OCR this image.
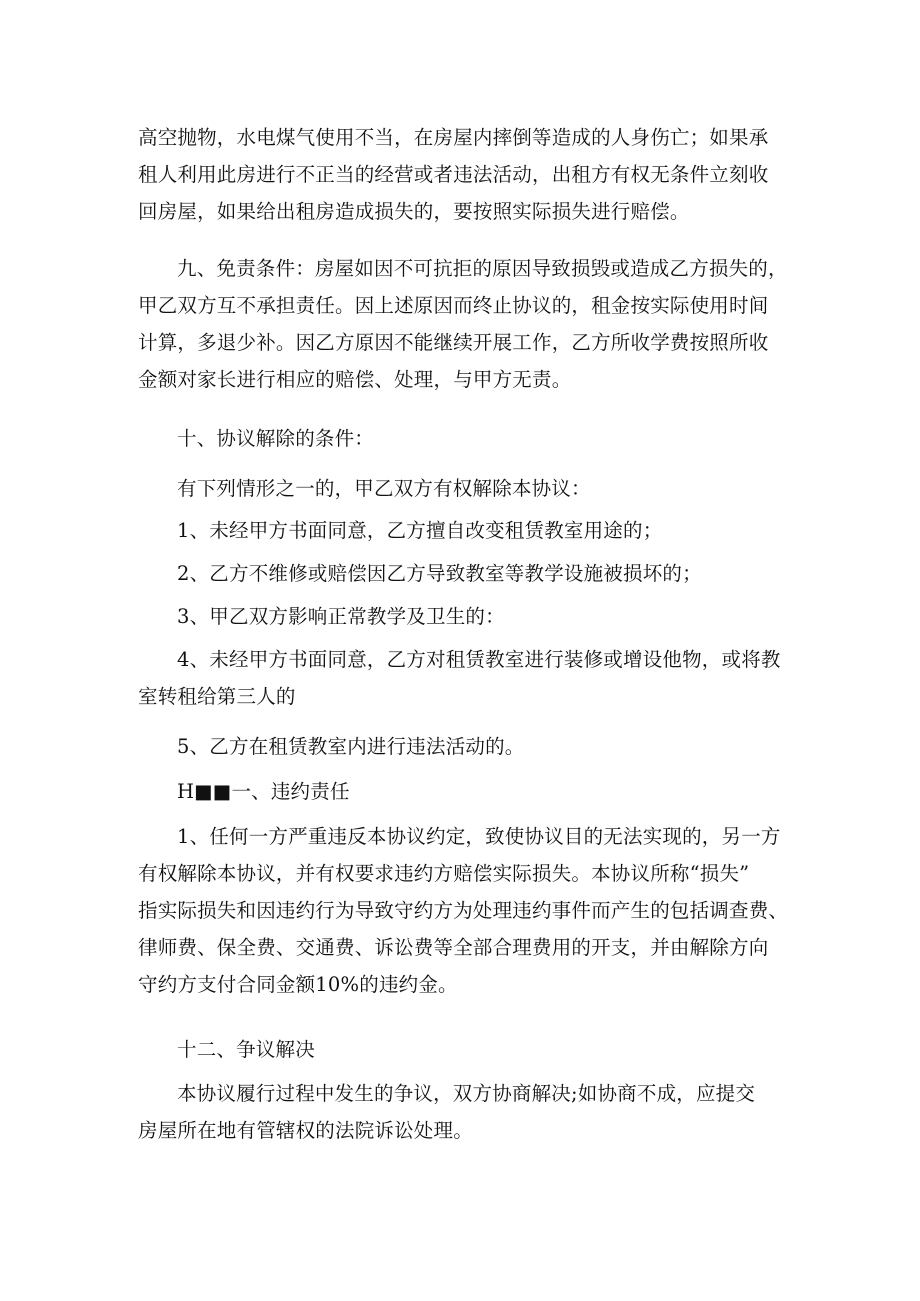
高空抛物，水电煤气使用不当，在房屋内摔倒等造成的人身伤亡；如果承
租人利用此房进行不正当的经营或者违法活动，出租方有权无条件立刻收
回房屋，如果给出租房造成损失的，要按照实际损失进行赔偿。
九、免责条件：房屋如因不可抗拒的原因导致损毁或造成乙方损失的，
甲乙双方互不承担责任。因上述原因而终止协议的，租金按实际使用时间
计算，多退少补。因乙方原因不能继续开展工作，乙方所收学费按照所收
金额对家长进行相应的赔偿、处理，与甲方无责。
十、协议解除的条件：
有下列情形之一的，甲乙双方有权解除本协议：
1、未经甲方书面同意，乙方擅自改变租赁教室用途的；
2、乙方不维修或赔偿因乙方导致教室等教学设施被损坏的；
3、甲乙双方影响正常教学及卫生的：
4、未经甲方书面同意，乙方对租赁教室进行装修或增设他物，或将教
室转租给第三人的
5、乙方在租赁教室内进行违法活动的。
H■■一、违约责任
1、任何一方严重违反本协议约定，致使协议目的无法实现的，另一方
有权解除本协议，并有权要求违约方赔偿实际损失。本协议所称“损失”
指实际损失和因违约行为导致守约方为处理违约事件而产生的包括调查费、
律师费、保全费、交通费、诉讼费等全部合理费用的开支，并由解除方向
守约方支付合同金额10%的违约金。
十二、争议解决
本协议履行过程中发生的争议，双方协商解决;如协商不成，应提交
房屋所在地有管辖权的法院诉讼处理。
